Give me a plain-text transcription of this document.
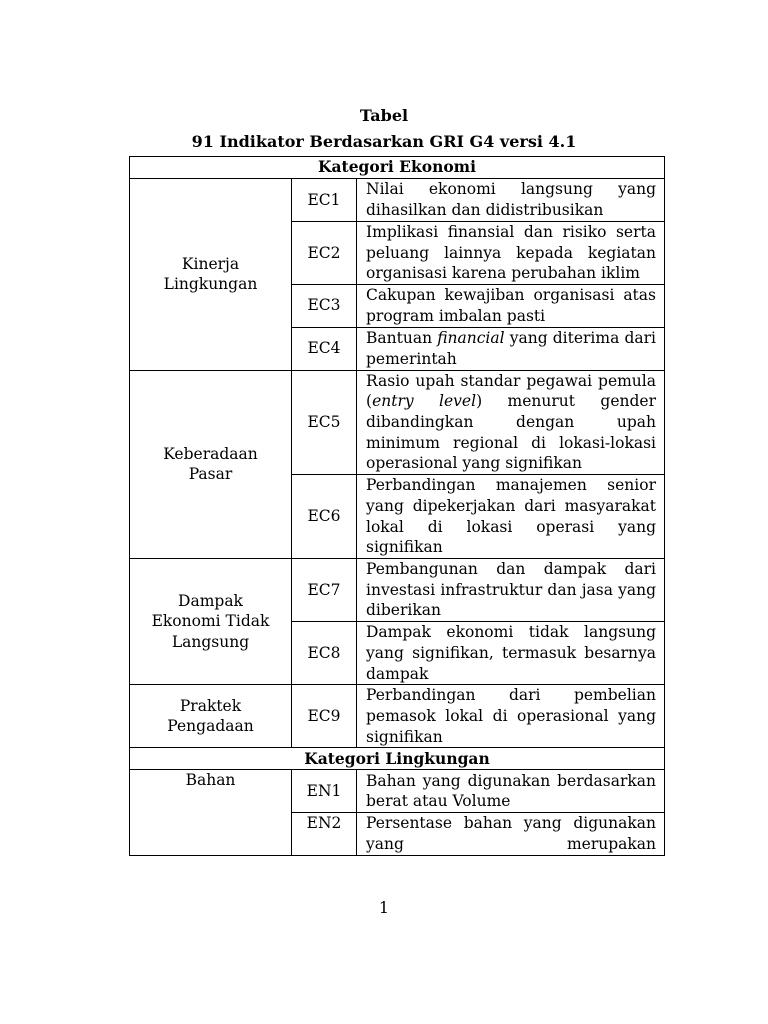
Tabel
91 Indikator Berdasarkan GRI G4 versi 4.1
Kategori Ekonomi		
Kinerja
Lingkungan	EC1	Nilai ekonomi langsung yang dihasilkan dan didistribusikan
	EC2	Implikasi finansial dan risiko serta peluang lainnya kepada kegiatan organisasi karena perubahan iklim
	EC3	Cakupan kewajiban organisasi atas program imbalan pasti
	EC4	Bantuan financial yang diterima dari pemerintah
Keberadaan
Pasar	EC5	Rasio upah standar pegawai pemula (entry level) menurut gender dibandingkan dengan upah minimum regional di lokasi-lokasi operasional yang signifikan
	EC6	Perbandingan manajemen senior yang dipekerjakan dari masyarakat lokal di lokasi operasi yang signifikan
Dampak
Ekonomi Tidak
Langsung	EC7	Pembangunan dan dampak dari investasi infrastruktur dan jasa yang diberikan
	EC8	Dampak ekonomi tidak langsung yang signifikan, termasuk besarnya dampak
Praktek
Pengadaan	EC9	Perbandingan dari pembelian pemasok lokal di operasional yang signifikan
Kategori Lingkungan		
Bahan	EN1	Bahan yang digunakan berdasarkan berat atau Volume
	EN2	Persentase bahan yang digunakan yang merupakan
1
